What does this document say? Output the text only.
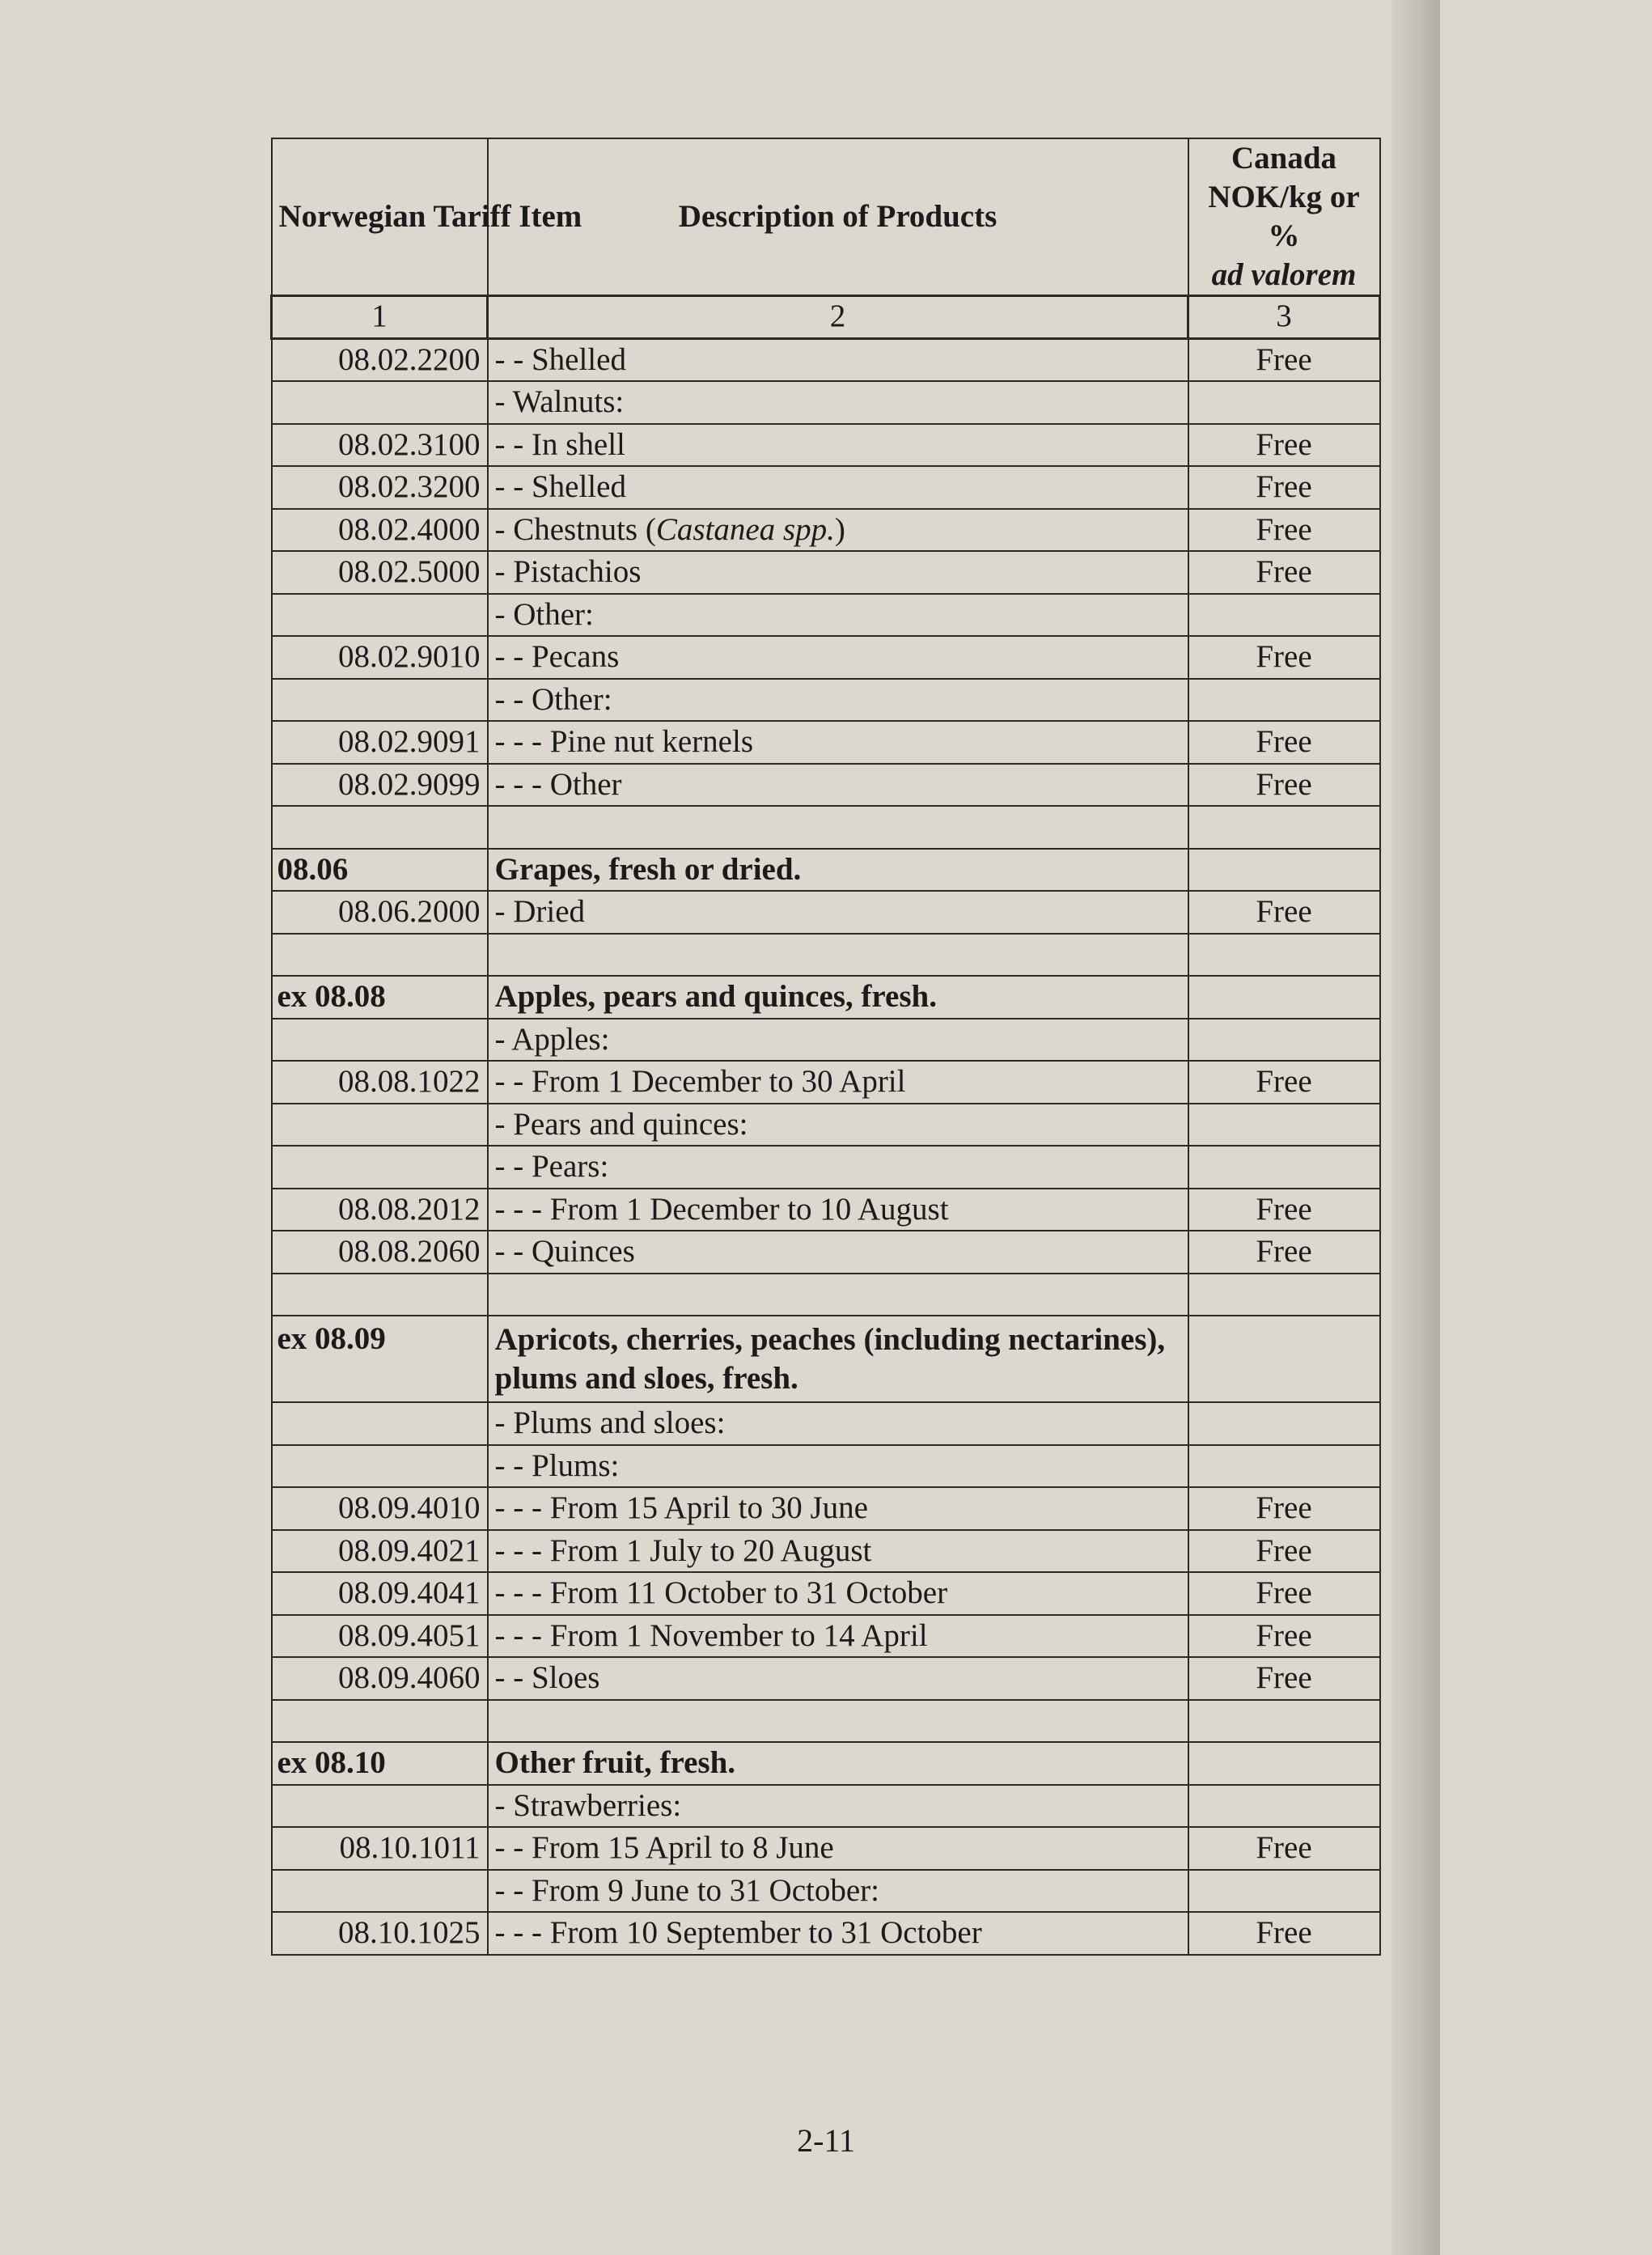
Norwegian Tariff Item	Description of Products	Canada
NOK/kg or
%
ad valorem

1	2	3
08.02.2200	- - Shelled	Free
	- Walnuts:	
08.02.3100	- - In shell	Free
08.02.3200	- - Shelled	Free
08.02.4000	- Chestnuts (Castanea spp.)	Free
08.02.5000	- Pistachios	Free
	- Other:	
08.02.9010	- - Pecans	Free
	- - Other:	
08.02.9091	- - - Pine nut kernels	Free
08.02.9099	- - - Other	Free

08.06	Grapes, fresh or dried.	
08.06.2000	- Dried	Free

ex 08.08	Apples, pears and quinces, fresh.	
	- Apples:	
08.08.1022	- - From 1 December to 30 April	Free
	- Pears and quinces:	
	- - Pears:	
08.08.2012	- - - From 1 December to 10 August	Free
08.08.2060	- - Quinces	Free

ex 08.09	Apricots, cherries, peaches (including nectarines), plums and sloes, fresh.	
	- Plums and sloes:	
	- - Plums:	
08.09.4010	- - - From 15 April to 30 June	Free
08.09.4021	- - - From 1 July to 20 August	Free
08.09.4041	- - - From 11 October to 31 October	Free
08.09.4051	- - - From 1 November to 14 April	Free
08.09.4060	- - Sloes	Free

ex 08.10	Other fruit, fresh.	
	- Strawberries:	
08.10.1011	- - From 15 April to 8 June	Free
	- - From 9 June to 31 October:	
08.10.1025	- - - From 10 September to 31 October	Free
2-11
